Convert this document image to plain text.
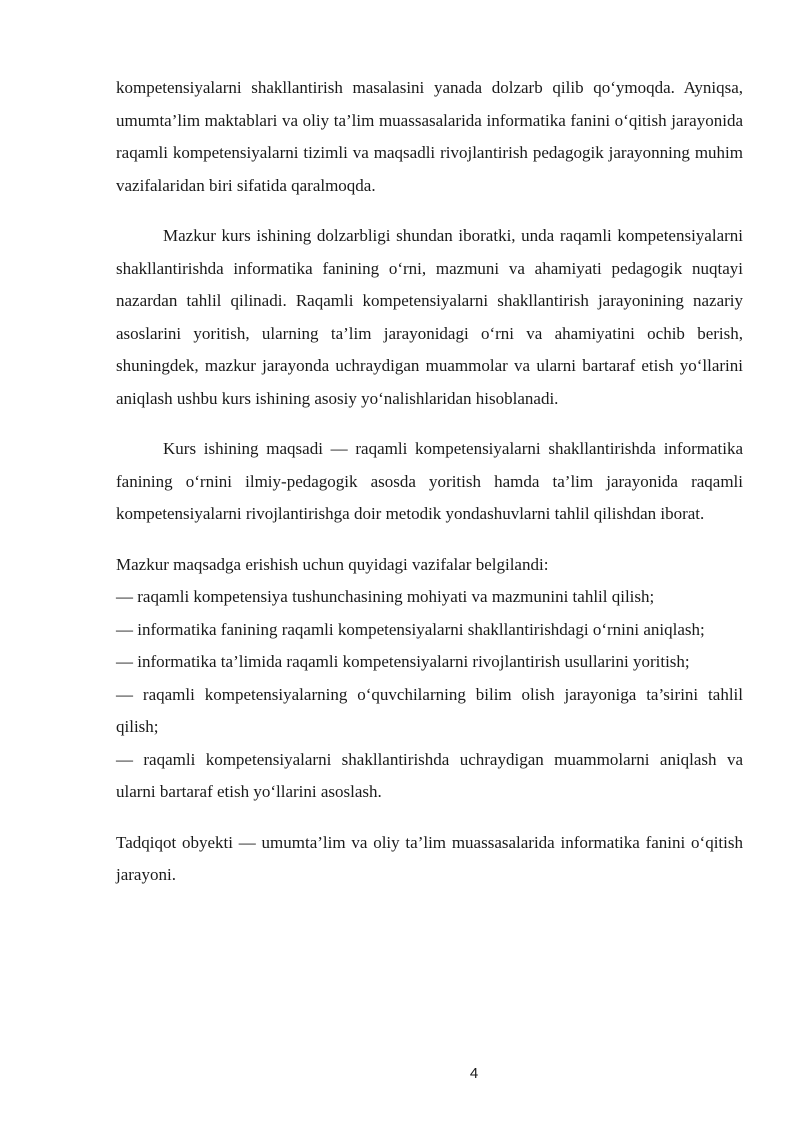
kompetensiyalarni shakllantirish masalasini yanada dolzarb qilib qo‘ymoqda. Ayniqsa, umumta’lim maktablari va oliy ta’lim muassasalarida informatika fanini o‘qitish jarayonida raqamli kompetensiyalarni tizimli va maqsadli rivojlantirish pedagogik jarayonning muhim vazifalaridan biri sifatida qaralmoqda.

Mazkur kurs ishining dolzarbligi shundan iboratki, unda raqamli kompetensiyalarni shakllantirishda informatika fanining o‘rni, mazmuni va ahamiyati pedagogik nuqtayi nazardan tahlil qilinadi. Raqamli kompetensiyalarni shakllantirish jarayonining nazariy asoslarini yoritish, ularning ta’lim jarayonidagi o‘rni va ahamiyatini ochib berish, shuningdek, mazkur jarayonda uchraydigan muammolar va ularni bartaraf etish yo‘llarini aniqlash ushbu kurs ishining asosiy yo‘nalishlaridan hisoblanadi.

Kurs ishining maqsadi — raqamli kompetensiyalarni shakllantirishda informatika fanining o‘rnini ilmiy-pedagogik asosda yoritish hamda ta’lim jarayonida raqamli kompetensiyalarni rivojlantirishga doir metodik yondashuvlarni tahlil qilishdan iborat.

Mazkur maqsadga erishish uchun quyidagi vazifalar belgilandi:

— raqamli kompetensiya tushunchasining mohiyati va mazmunini tahlil qilish;

— informatika fanining raqamli kompetensiyalarni shakllantirishdagi o‘rnini aniqlash;

— informatika ta’limida raqamli kompetensiyalarni rivojlantirish usullarini yoritish;

— raqamli kompetensiyalarning o‘quvchilarning bilim olish jarayoniga ta’sirini tahlil qilish;

— raqamli kompetensiyalarni shakllantirishda uchraydigan muammolarni aniqlash va ularni bartaraf etish yo‘llarini asoslash.

Tadqiqot obyekti — umumta’lim va oliy ta’lim muassasalarida informatika fanini o‘qitish jarayoni.

4
